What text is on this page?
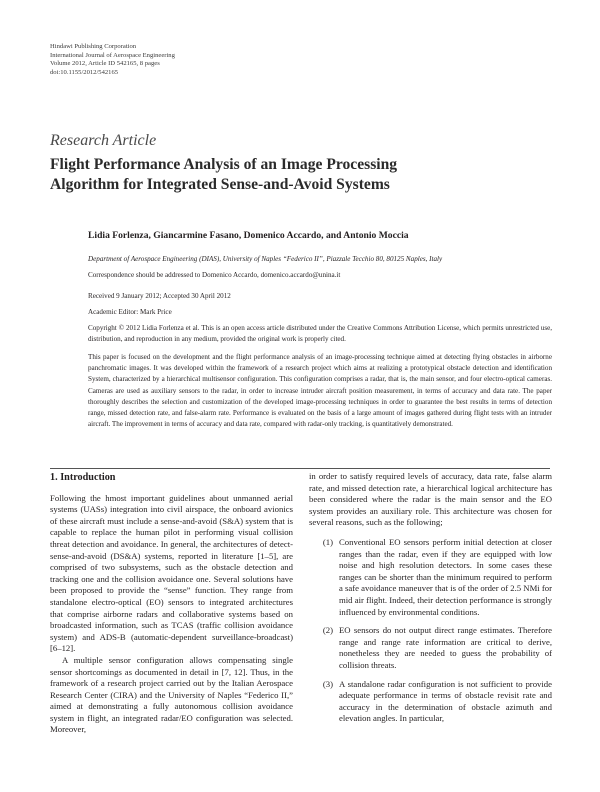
Hindawi Publishing Corporation
International Journal of Aerospace Engineering
Volume 2012, Article ID 542165, 8 pages
doi:10.1155/2012/542165
Research Article
Flight Performance Analysis of an Image Processing
Algorithm for Integrated Sense-and-Avoid Systems
Lidia Forlenza, Giancarmine Fasano, Domenico Accardo, and Antonio Moccia
Department of Aerospace Engineering (DIAS), University of Naples “Federico II”, Piazzale Tecchio 80, 80125 Naples, Italy
Correspondence should be addressed to Domenico Accardo, domenico.accardo@unina.it
Received 9 January 2012; Accepted 30 April 2012
Academic Editor: Mark Price
Copyright © 2012 Lidia Forlenza et al. This is an open access article distributed under the Creative Commons Attribution License, which permits unrestricted use, distribution, and reproduction in any medium, provided the original work is properly cited.
This paper is focused on the development and the flight performance analysis of an image-processing technique aimed at detecting flying obstacles in airborne panchromatic images. It was developed within the framework of a research project which aims at realizing a prototypical obstacle detection and identification System, characterized by a hierarchical multisensor configuration. This configuration comprises a radar, that is, the main sensor, and four electro-optical cameras. Cameras are used as auxiliary sensors to the radar, in order to increase intruder aircraft position measurement, in terms of accuracy and data rate. The paper thoroughly describes the selection and customization of the developed image-processing techniques in order to guarantee the best results in terms of detection range, missed detection rate, and false-alarm rate. Performance is evaluated on the basis of a large amount of images gathered during flight tests with an intruder aircraft. The improvement in terms of accuracy and data rate, compared with radar-only tracking, is quantitatively demonstrated.
1. Introduction

Following the hmost important guidelines about unmanned aerial systems (UASs) integration into civil airspace, the onboard avionics of these aircraft must include a sense-and-avoid (S&A) system that is capable to replace the human pilot in performing visual collision threat detection and avoidance. In general, the architectures of detect-sense-and-avoid (DS&A) systems, reported in literature [1–5], are comprised of two subsystems, such as the obstacle detection and tracking one and the collision avoidance one. Several solutions have been proposed to provide the “sense” function. They range from standalone electro-optical (EO) sensors to integrated architectures that comprise airborne radars and collaborative systems based on broadcasted information, such as TCAS (traffic collision avoidance system) and ADS-B (automatic-dependent surveillance-broadcast) [6–12].

A multiple sensor configuration allows compensating single sensor shortcomings as documented in detail in [7, 12]. Thus, in the framework of a research project carried out by the Italian Aerospace Research Center (CIRA) and the University of Naples “Federico II,” aimed at demonstrating a fully autonomous collision avoidance system in flight, an integrated radar/EO configuration was selected. Moreover,

in order to satisfy required levels of accuracy, data rate, false alarm rate, and missed detection rate, a hierarchical logical architecture has been considered where the radar is the main sensor and the EO system provides an auxiliary role. This architecture was chosen for several reasons, such as the following;

(1) Conventional EO sensors perform initial detection at closer ranges than the radar, even if they are equipped with low noise and high resolution detectors. In some cases these ranges can be shorter than the minimum required to perform a safe avoidance maneuver that is of the order of 2.5 NMi for mid air flight. Indeed, their detection performance is strongly influenced by environmental conditions.
(2) EO sensors do not output direct range estimates. Therefore range and range rate information are critical to derive, nonetheless they are needed to guess the probability of collision threats.
(3) A standalone radar configuration is not sufficient to provide adequate performance in terms of obstacle revisit rate and accuracy in the determination of obstacle azimuth and elevation angles. In particular,
